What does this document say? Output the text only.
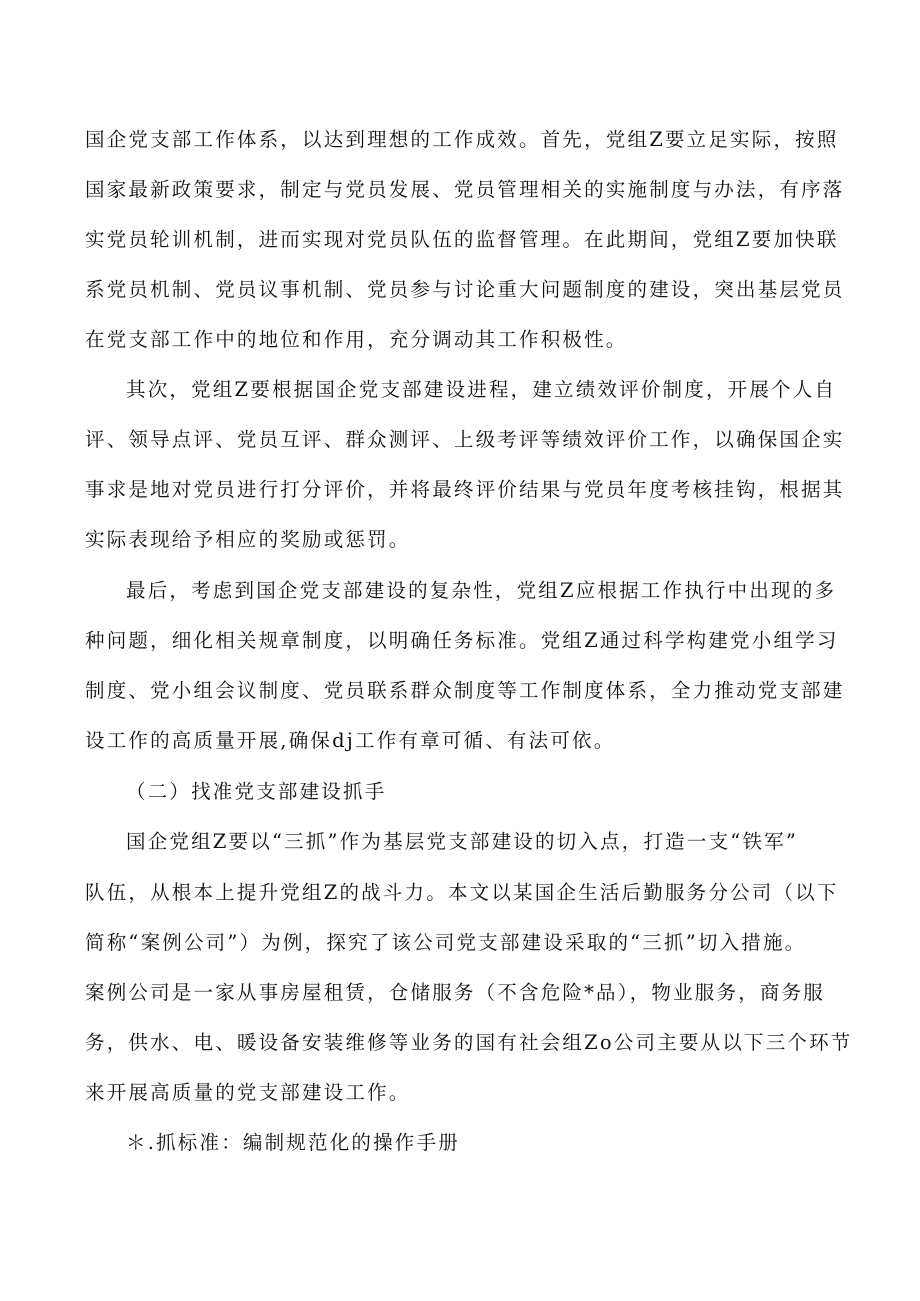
国企党支部工作体系，以达到理想的工作成效。首先，党组Z要立足实际，按照
国家最新政策要求，制定与党员发展、党员管理相关的实施制度与办法，有序落
实党员轮训机制，进而实现对党员队伍的监督管理。在此期间，党组Z要加快联
系党员机制、党员议事机制、党员参与讨论重大问题制度的建设，突出基层党员
在党支部工作中的地位和作用，充分调动其工作积极性。
其次，党组Z要根据国企党支部建设进程，建立绩效评价制度，开展个人自
评、领导点评、党员互评、群众测评、上级考评等绩效评价工作，以确保国企实
事求是地对党员进行打分评价，并将最终评价结果与党员年度考核挂钩，根据其
实际表现给予相应的奖励或惩罚。
最后，考虑到国企党支部建设的复杂性，党组Z应根据工作执行中出现的多
种问题，细化相关规章制度，以明确任务标准。党组Z通过科学构建党小组学习
制度、党小组会议制度、党员联系群众制度等工作制度体系，全力推动党支部建
设工作的高质量开展,确保dj工作有章可循、有法可依。
（二）找准党支部建设抓手
国企党组Z要以“三抓”作为基层党支部建设的切入点，打造一支“铁军”
队伍，从根本上提升党组Z的战斗力。本文以某国企生活后勤服务分公司（以下
简称“案例公司”）为例，探究了该公司党支部建设采取的“三抓”切入措施。
案例公司是一家从事房屋租赁，仓储服务（不含危险*品），物业服务，商务服
务，供水、电、暖设备安装维修等业务的国有社会组Zo公司主要从以下三个环节
来开展高质量的党支部建设工作。
＊.抓标准：编制规范化的操作手册
